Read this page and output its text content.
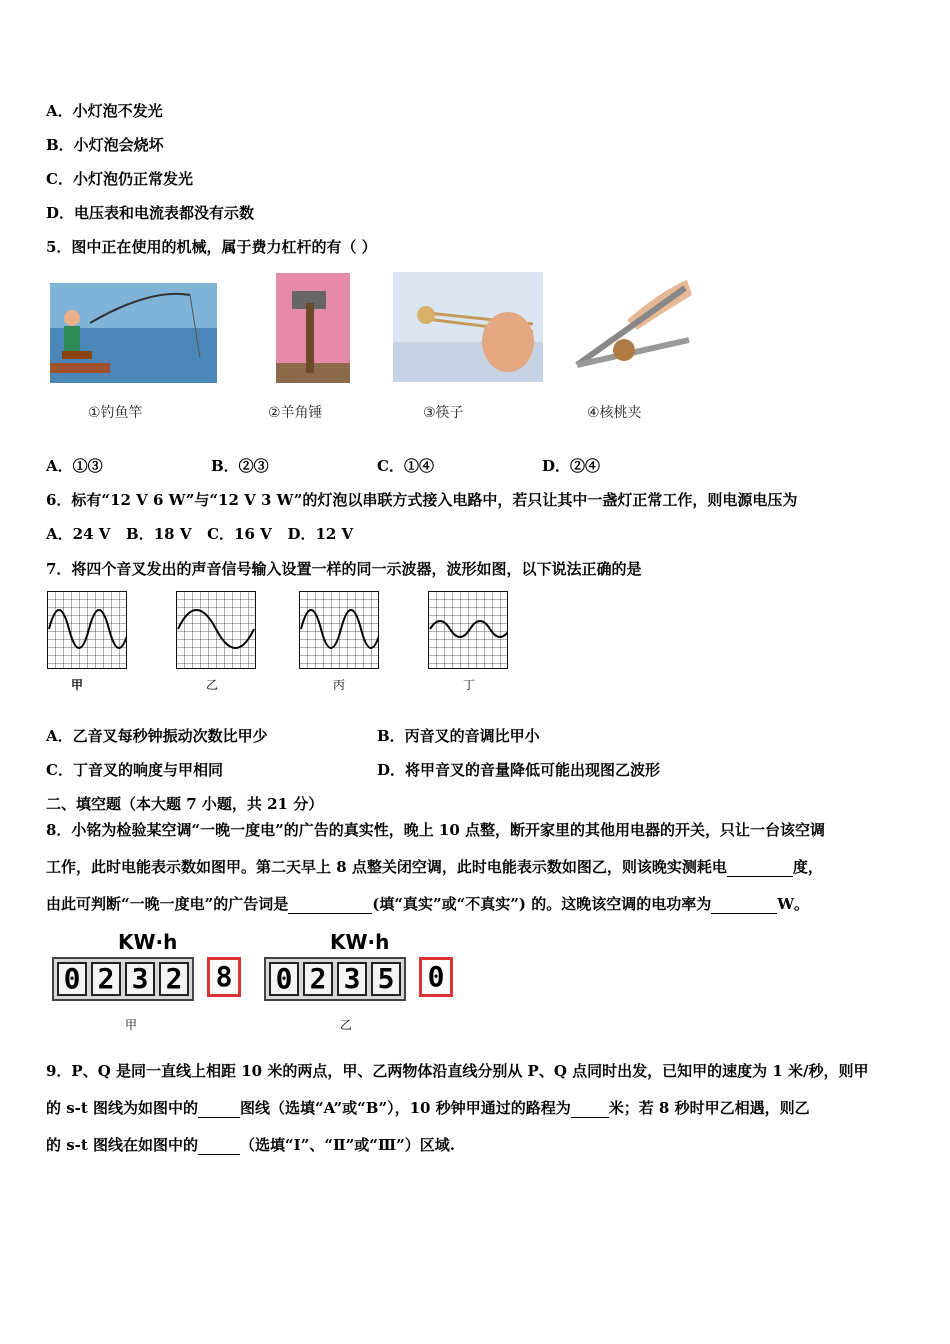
A．小灯泡不发光
B．小灯泡会烧坏
C．小灯泡仍正常发光
D．电压表和电流表都没有示数
5．图中正在使用的机械，属于费力杠杆的有（ ）
①钓鱼竿	②羊角锤	③筷子	④核桃夹
A．①③	B．②③	C．①④	D．②④
6．标有“12 V 6 W”与“12 V 3 W”的灯泡以串联方式接入电路中，若只让其中一盏灯正常工作，则电源电压为
A．24 V   B．18 V   C．16 V   D．12 V
7．将四个音叉发出的声音信号输入设置一样的同一示波器，波形如图，以下说法正确的是
甲	乙	丙	丁
A．乙音叉每秒钟振动次数比甲少	B．丙音叉的音调比甲小
C．丁音叉的响度与甲相同	D．将甲音叉的音量降低可能出现图乙波形
二、填空题（本大题 7 小题，共 21 分）
8．小铭为检验某空调“一晚一度电”的广告的真实性，晚上 10 点整，断开家里的其他用电器的开关，只让一台该空调
工作，此时电能表示数如图甲。第二天早上 8 点整关闭空调，此时电能表示数如图乙，则该晚实测耗电	度，
由此可判断“一晚一度电”的广告词是	(填“真实”或“不真实”) 的。这晚该空调的电功率为	W。
KW·h
0 2 3 2	8
甲
KW·h
0 2 3 5	0
乙
9．P、Q 是同一直线上相距 10 米的两点，甲、乙两物体沿直线分别从 P、Q 点同时出发，已知甲的速度为 1 米/秒，则甲
的 s-t 图线为如图中的	图线（选填“A”或“B”），10 秒钟甲通过的路程为	米；若 8 秒时甲乙相遇，则乙
的 s-t 图线在如图中的	（选填“Ⅰ”、“Ⅱ”或“Ⅲ”）区域.
